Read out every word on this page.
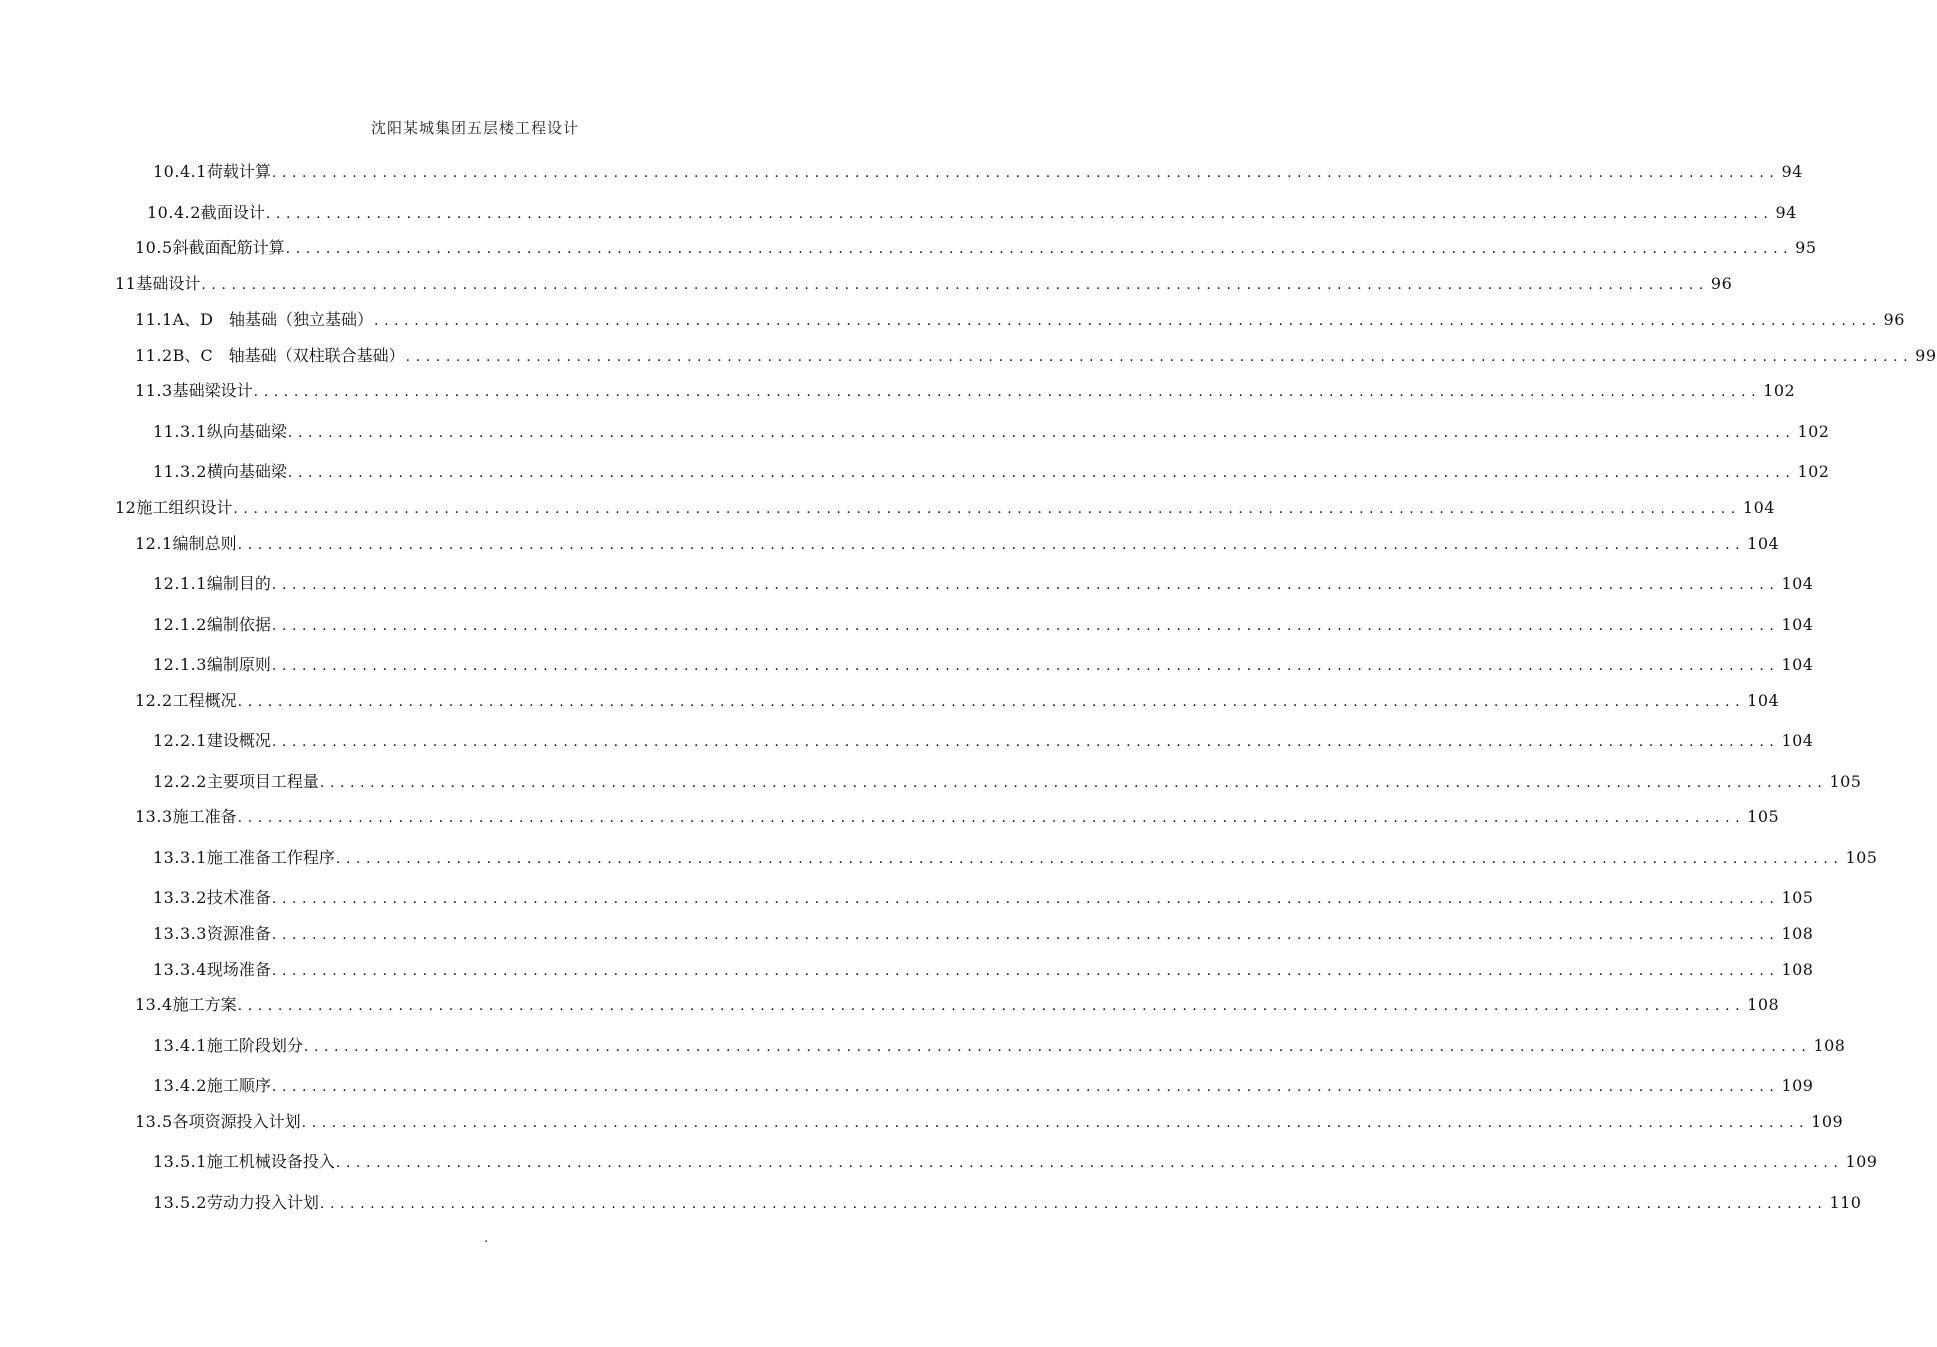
沈阳某城集团五层楼工程设计
10.4.1 荷载计算 ...................................................................................................................................................... 94
10.4.2 截面设计 ...................................................................................................................................................... 94
10.5 斜截面配筋计算 ...................................................................................................................................................... 95
11 基础设计 ...................................................................................................................................................... 96
11.1 A、D　轴基础（独立基础） ...................................................................................................................................................... 96
11.2 B、C　轴基础（双柱联合基础） ...................................................................................................................................................... 99
11.3 基础梁设计 ...................................................................................................................................................... 102
11.3.1 纵向基础梁 ...................................................................................................................................................... 102
11.3.2 横向基础梁 ...................................................................................................................................................... 102
12 施工组织设计 ...................................................................................................................................................... 104
12.1 编制总则 ...................................................................................................................................................... 104
12.1.1 编制目的 ...................................................................................................................................................... 104
12.1.2 编制依据 ...................................................................................................................................................... 104
12.1.3 编制原则 ...................................................................................................................................................... 104
12.2 工程概况 ...................................................................................................................................................... 104
12.2.1 建设概况 ...................................................................................................................................................... 104
12.2.2 主要项目工程量 ...................................................................................................................................................... 105
13.3 施工准备 ...................................................................................................................................................... 105
13.3.1 施工准备工作程序 ...................................................................................................................................................... 105
13.3.2 技术准备 ...................................................................................................................................................... 105
13.3.3 资源准备 ...................................................................................................................................................... 108
13.3.4 现场准备 ...................................................................................................................................................... 108
13.4 施工方案 ...................................................................................................................................................... 108
13.4.1 施工阶段划分 ...................................................................................................................................................... 108
13.4.2 施工顺序 ...................................................................................................................................................... 109
13.5 各项资源投入计划 ...................................................................................................................................................... 109
13.5.1 施工机械设备投入 ...................................................................................................................................................... 109
13.5.2 劳动力投入计划 ...................................................................................................................................................... 110
.
